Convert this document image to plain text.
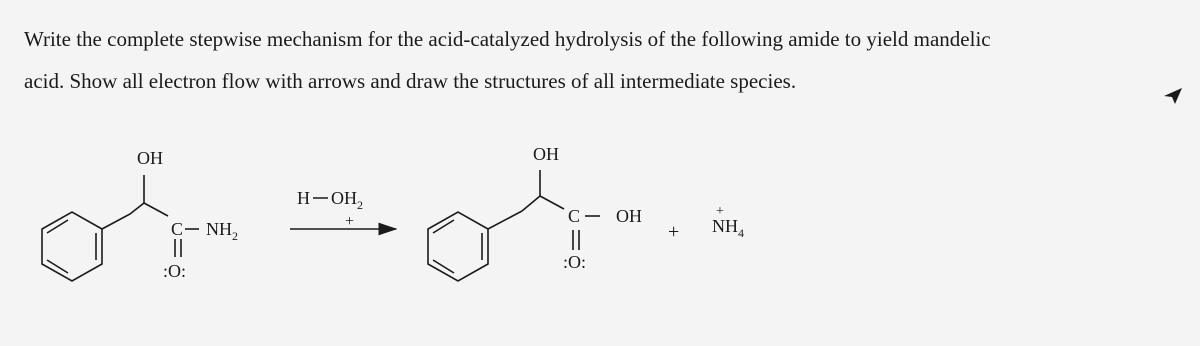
Write the complete stepwise mechanism for the acid-catalyzed hydrolysis of the following amide to yield mandelic

acid. Show all electron flow with arrows and draw the structures of all intermediate species.

OH
C $NH_2$
:O:
H $OH_2$
+
OH
C OH
:O:
+
+
$NH_4$
